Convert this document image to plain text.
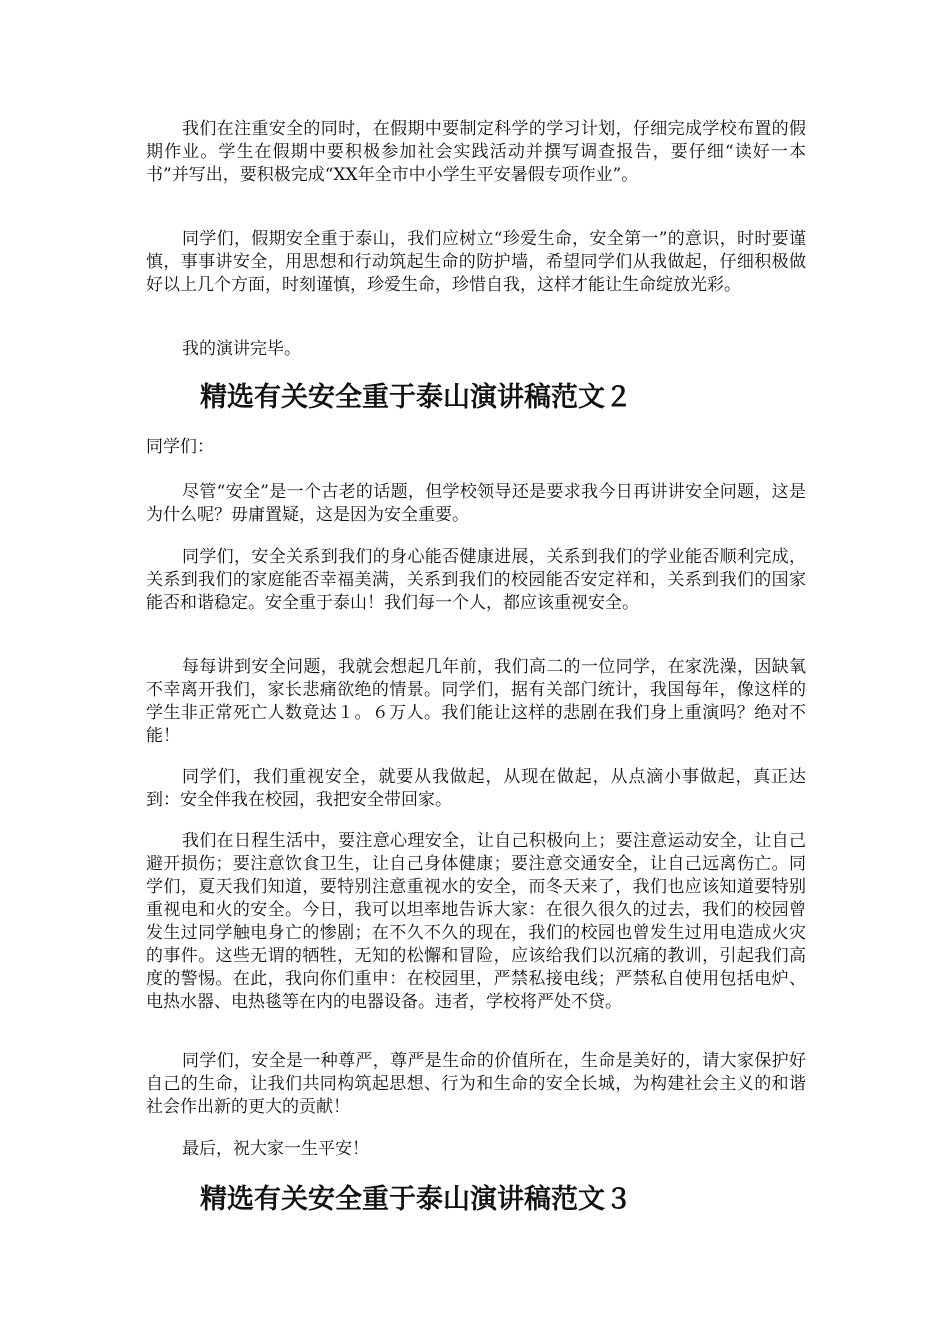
我们在注重安全的同时，在假期中要制定科学的学习计划，仔细完成学校布置的假期作业。学生在假期中要积极参加社会实践活动并撰写调查报告，要仔细“读好一本书”并写出，要积极完成“XX年全市中小学生平安暑假专项作业”。

同学们，假期安全重于泰山，我们应树立“珍爱生命，安全第一”的意识，时时要谨慎，事事讲安全，用思想和行动筑起生命的防护墙，希望同学们从我做起，仔细积极做好以上几个方面，时刻谨慎，珍爱生命，珍惜自我，这样才能让生命绽放光彩。

我的演讲完毕。

精选有关安全重于泰山演讲稿范文２

同学们：

尽管“安全”是一个古老的话题，但学校领导还是要求我今日再讲讲安全问题，这是为什么呢？毋庸置疑，这是因为安全重要。

同学们，安全关系到我们的身心能否健康进展，关系到我们的学业能否顺利完成，关系到我们的家庭能否幸福美满，关系到我们的校园能否安定祥和，关系到我们的国家能否和谐稳定。安全重于泰山！我们每一个人，都应该重视安全。

每每讲到安全问题，我就会想起几年前，我们高二的一位同学，在家洗澡，因缺氧不幸离开我们，家长悲痛欲绝的情景。同学们，据有关部门统计，我国每年，像这样的学生非正常死亡人数竟达１。６万人。我们能让这样的悲剧在我们身上重演吗？绝对不能！

同学们，我们重视安全，就要从我做起，从现在做起，从点滴小事做起，真正达到：安全伴我在校园，我把安全带回家。

我们在日程生活中，要注意心理安全，让自己积极向上；要注意运动安全，让自己避开损伤；要注意饮食卫生，让自己身体健康；要注意交通安全，让自己远离伤亡。同学们，夏天我们知道，要特别注意重视水的安全，而冬天来了，我们也应该知道要特别重视电和火的安全。今日，我可以坦率地告诉大家：在很久很久的过去，我们的校园曾发生过同学触电身亡的惨剧；在不久不久的现在，我们的校园也曾发生过用电造成火灾的事件。这些无谓的牺牲，无知的松懈和冒险，应该给我们以沉痛的教训，引起我们高度的警惕。在此，我向你们重申：在校园里，严禁私接电线；严禁私自使用包括电炉、电热水器、电热毯等在内的电器设备。违者，学校将严处不贷。

同学们，安全是一种尊严，尊严是生命的价值所在，生命是美好的，请大家保护好自己的生命，让我们共同构筑起思想、行为和生命的安全长城，为构建社会主义的和谐社会作出新的更大的贡献！

最后，祝大家一生平安！

精选有关安全重于泰山演讲稿范文３
